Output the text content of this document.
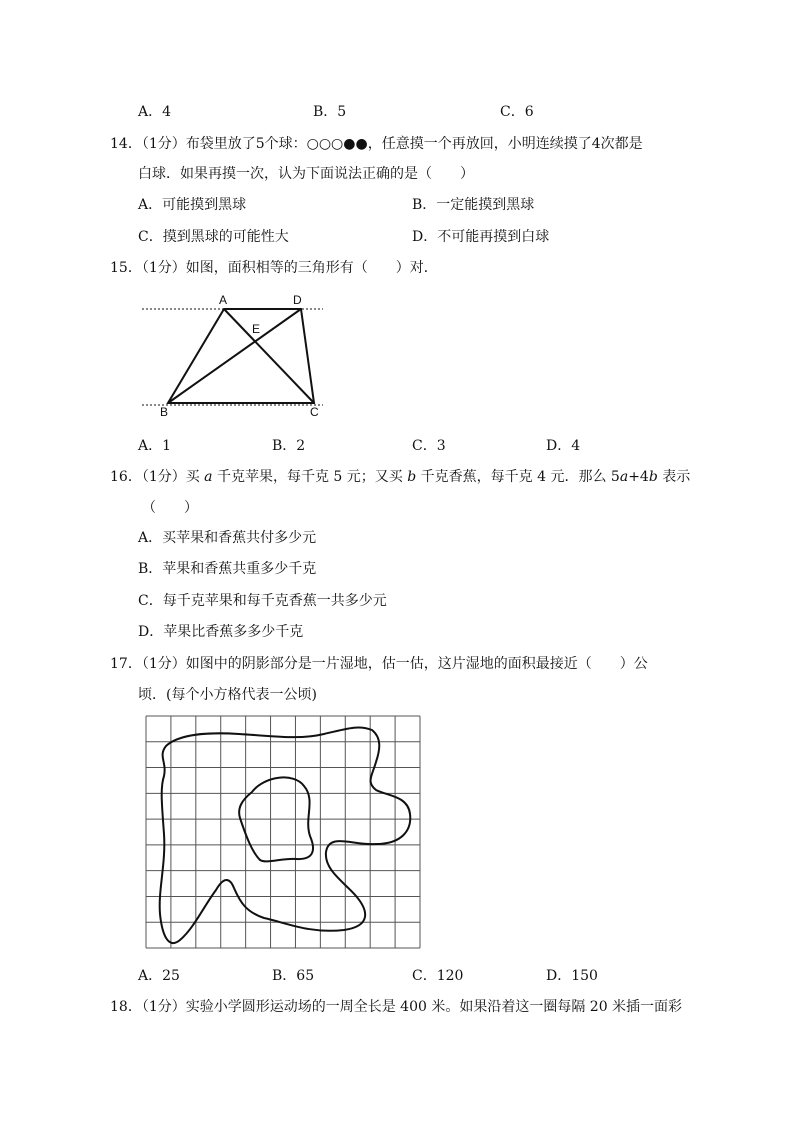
A．4	B．5	C．6
14．（1分）布袋里放了5个球：○○○●●，任意摸一个再放回，小明连续摸了4次都是
白球．如果再摸一次，认为下面说法正确的是（　　）
A．可能摸到黑球	B．一定能摸到黑球
C．摸到黑球的可能性大	D．不可能再摸到白球
15．（1分）如图，面积相等的三角形有（　　）对．
A	D
E
B	C
A．1	B．2	C．3	D．4
16．（1分）买 a 千克苹果，每千克 5 元；又买 b 千克香蕉，每千克 4 元．那么 5a+4b 表示
（　　）
A．买苹果和香蕉共付多少元
B．苹果和香蕉共重多少千克
C．每千克苹果和每千克香蕉一共多少元
D．苹果比香蕉多多少千克
17．（1分）如图中的阴影部分是一片湿地，估一估，这片湿地的面积最接近（　　）公
顷．(每个小方格代表一公顷)
A．25	B．65	C．120	D．150
18．（1分）实验小学圆形运动场的一周全长是 400 米。如果沿着这一圈每隔 20 米插一面彩
